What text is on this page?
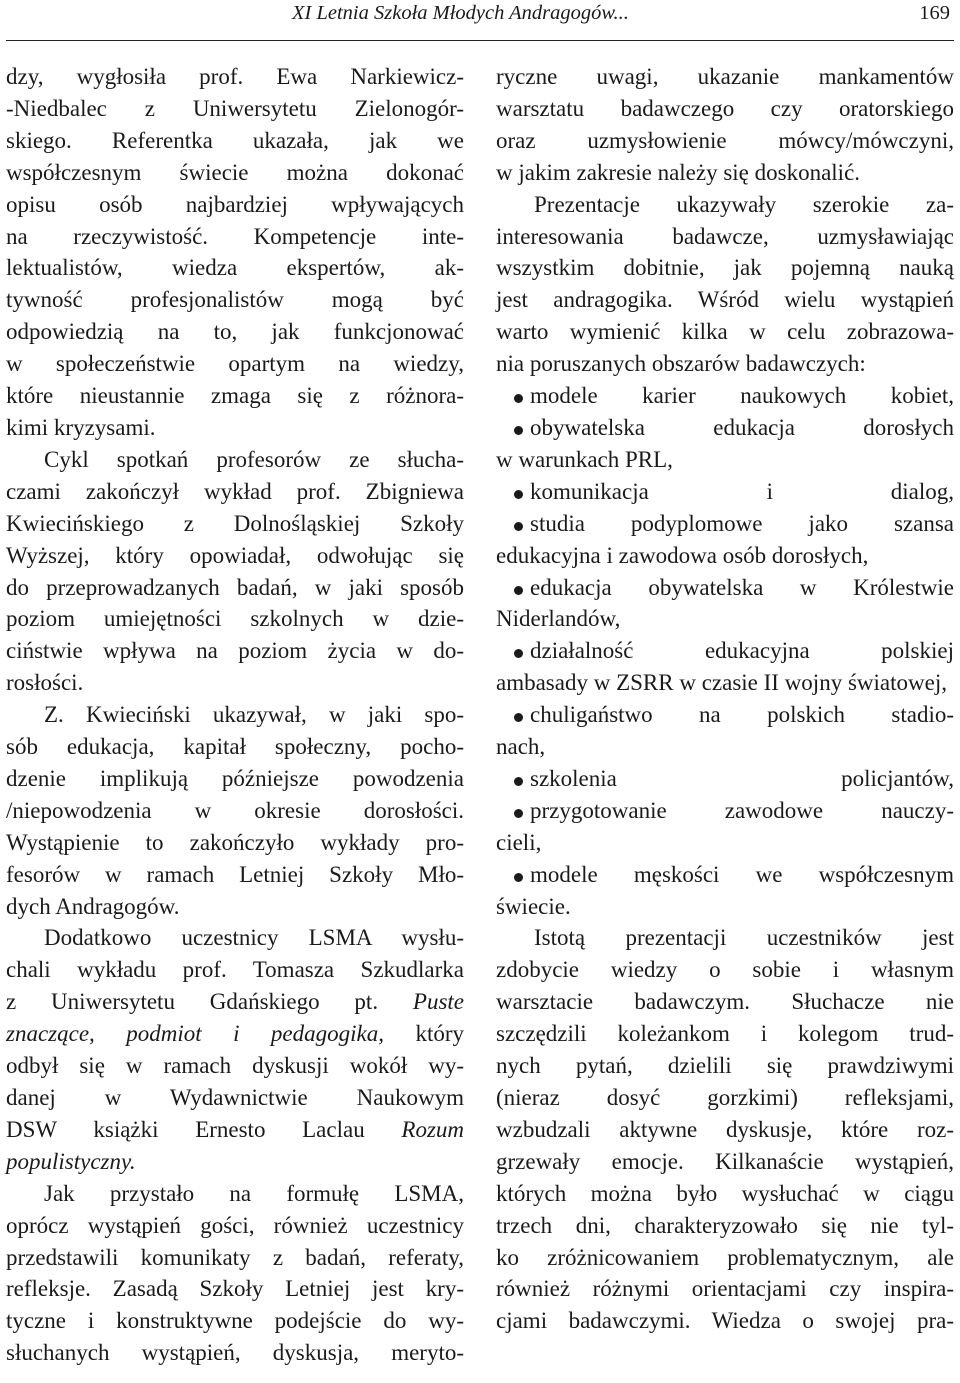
XI Letnia Szkoła Młodych Andragogów...	169

dzy, wygłosiła prof. Ewa Narkiewicz-
-Niedbalec z Uniwersytetu Zielonogór-
skiego. Referentka ukazała, jak we
współczesnym świecie można dokonać
opisu osób najbardziej wpływających
na rzeczywistość. Kompetencje inte-
lektualistów, wiedza ekspertów, ak-
tywność profesjonalistów mogą być
odpowiedzią na to, jak funkcjonować
w społeczeństwie opartym na wiedzy,
które nieustannie zmaga się z różnora-

kimi kryzysami.

Cykl spotkań profesorów ze słucha-
czami zakończył wykład prof. Zbigniewa
Kwiecińskiego z Dolnośląskiej Szkoły
Wyższej, który opowiadał, odwołując się
do przeprowadzanych badań, w jaki sposób
poziom umiejętności szkolnych w dzie-
ciństwie wpływa na poziom życia w do-

rosłości.

Z. Kwieciński ukazywał, w jaki spo-
sób edukacja, kapitał społeczny, pocho-
dzenie implikują późniejsze powodzenia
/niepowodzenia w okresie dorosłości.
Wystąpienie to zakończyło wykłady pro-
fesorów w ramach Letniej Szkoły Mło-

dych Andragogów.

Dodatkowo uczestnicy LSMA wysłu-
chali wykładu prof. Tomasza Szkudlarka
z Uniwersytetu Gdańskiego pt. Puste
znaczące, podmiot i pedagogika, który
odbył się w ramach dyskusji wokół wy-
danej w Wydawnictwie Naukowym
DSW książki Ernesto Laclau Rozum

populistyczny.

Jak przystało na formułę LSMA,
oprócz wystąpień gości, również uczestnicy
przedstawili komunikaty z badań, referaty,
refleksje. Zasadą Szkoły Letniej jest kry-
tyczne i konstruktywne podejście do wy-
słuchanych wystąpień, dyskusja, meryto-

ryczne uwagi, ukazanie mankamentów
warsztatu badawczego czy oratorskiego
oraz uzmysłowienie mówcy/mówczyni,

w jakim zakresie należy się doskonalić.

Prezentacje ukazywały szerokie za-
interesowania badawcze, uzmysławiając
wszystkim dobitnie, jak pojemną nauką
jest andragogika. Wśród wielu wystąpień
warto wymienić kilka w celu zobrazowa-

nia poruszanych obszarów badawczych:

modele karier naukowych kobiet,
obywatelska edukacja dorosłych
w warunkach PRL,
komunikacja i dialog,
studia podyplomowe jako szansa
edukacyjna i zawodowa osób dorosłych,
edukacja obywatelska w Królestwie
Niderlandów,
działalność edukacyjna polskiej
ambasady w ZSRR w czasie II wojny światowej,
chuligaństwo na polskich stadio-
nach,
szkolenia policjantów,
przygotowanie zawodowe nauczy-
cieli,
modele męskości we współczesnym
świecie.

Istotą prezentacji uczestników jest
zdobycie wiedzy o sobie i własnym
warsztacie badawczym. Słuchacze nie
szczędzili koleżankom i kolegom trud-
nych pytań, dzielili się prawdziwymi
(nieraz dosyć gorzkimi) refleksjami,
wzbudzali aktywne dyskusje, które roz-
grzewały emocje. Kilkanaście wystąpień,
których można było wysłuchać w ciągu
trzech dni, charakteryzowało się nie tyl-
ko zróżnicowaniem problematycznym, ale
również różnymi orientacjami czy inspira-
cjami badawczymi. Wiedza o swojej pra-
